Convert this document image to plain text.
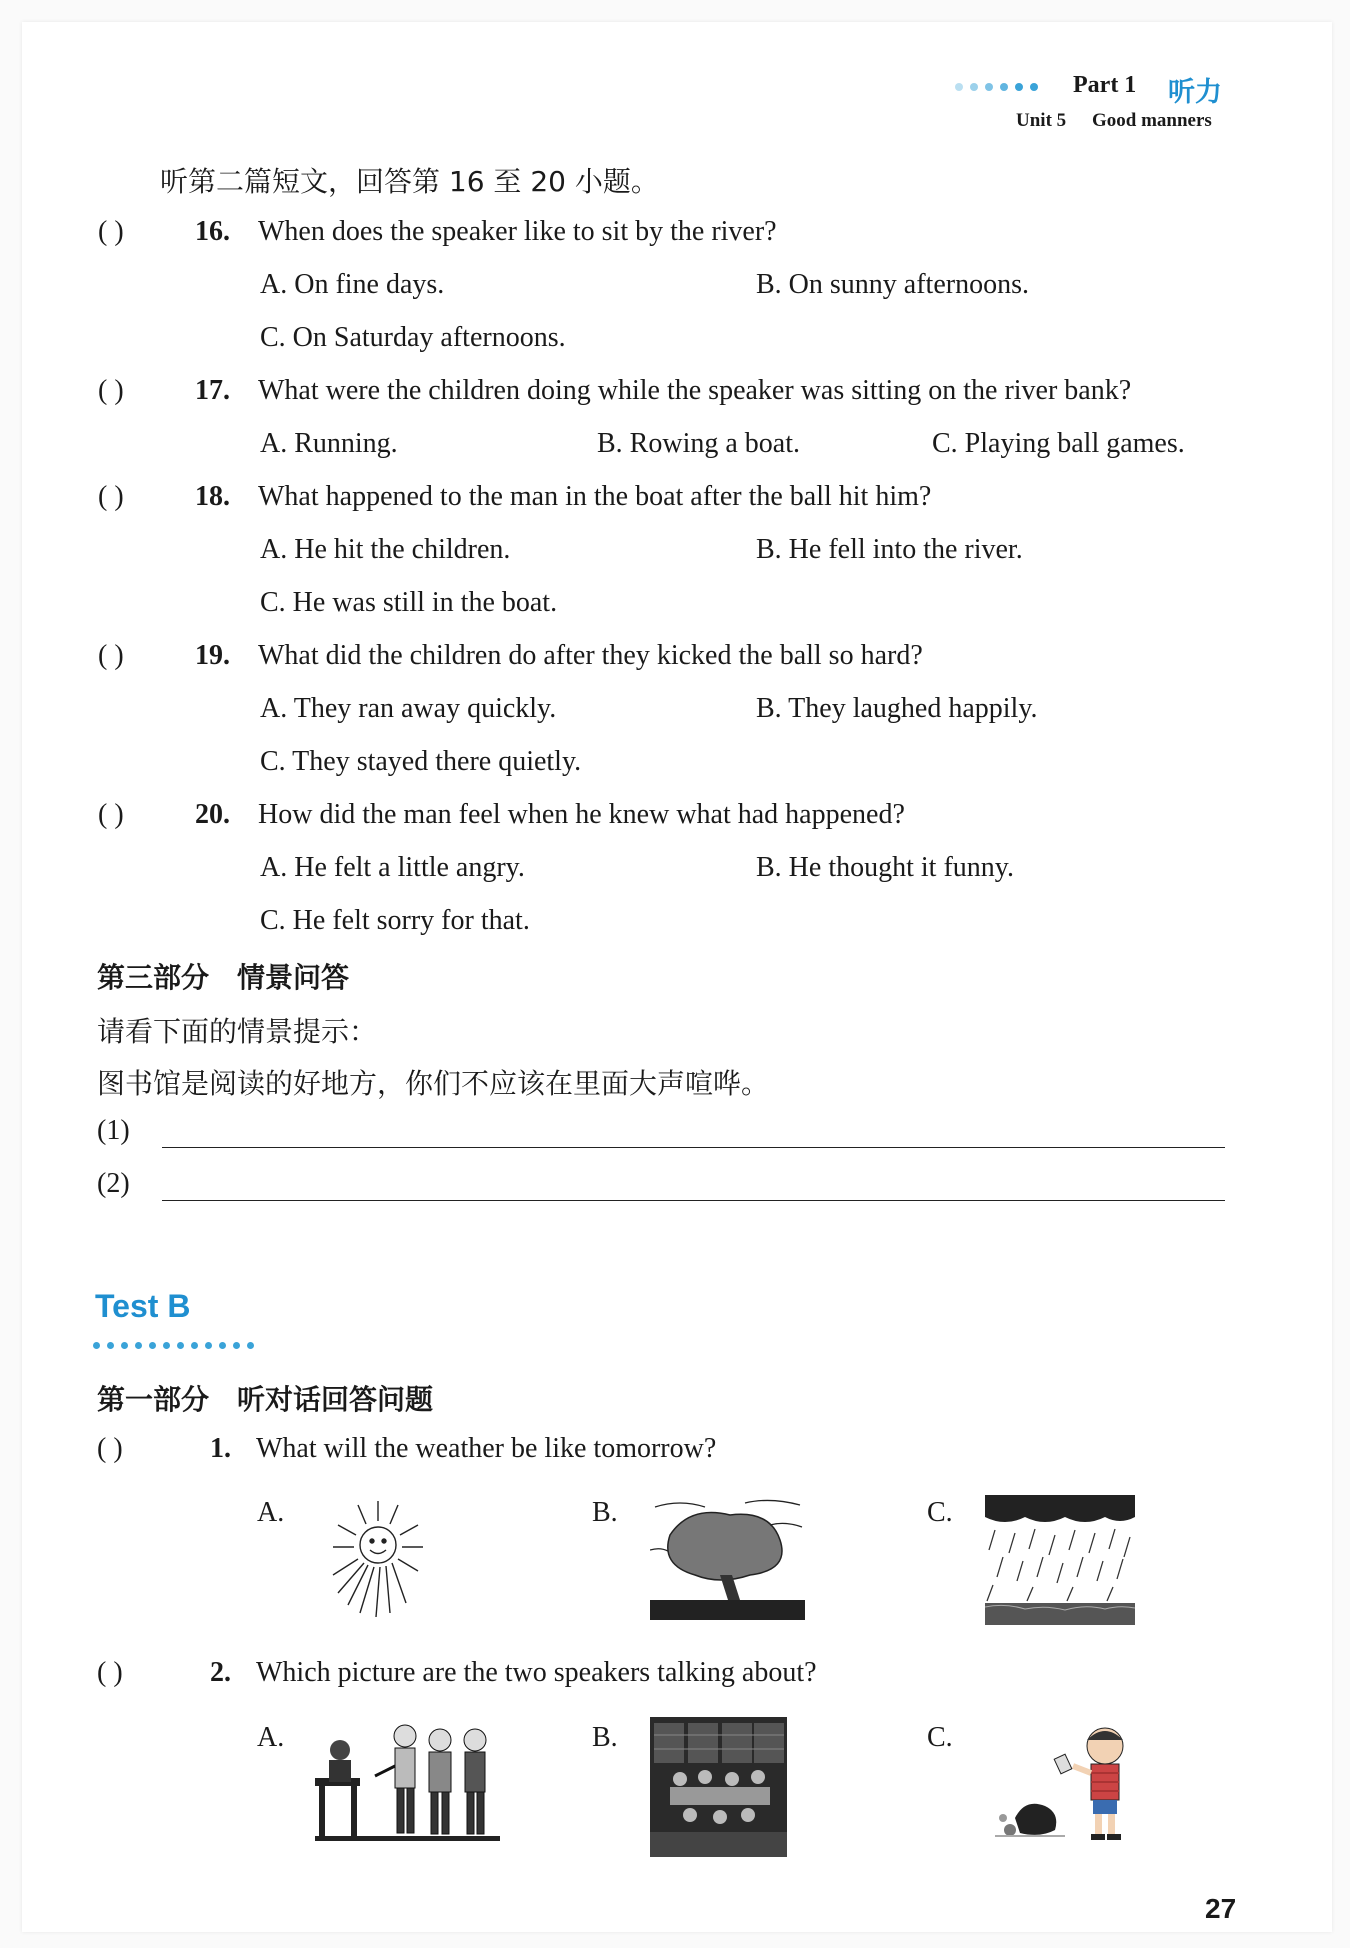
Part 1 听力
Unit 5 Good manners
听第二篇短文，回答第 16 至 20 小题。
( )	16. When does the speaker like to sit by the river?
A. On fine days.	B. On sunny afternoons.
C. On Saturday afternoons.
( )	17. What were the children doing while the speaker was sitting on the river bank?
A. Running.	B. Rowing a boat.	C. Playing ball games.
( )	18. What happened to the man in the boat after the ball hit him?
A. He hit the children.	B. He fell into the river.
C. He was still in the boat.
( )	19. What did the children do after they kicked the ball so hard?
A. They ran away quickly.	B. They laughed happily.
C. They stayed there quietly.
( )	20. How did the man feel when he knew what had happened?
A. He felt a little angry.	B. He thought it funny.
C. He felt sorry for that.
第三部分　情景问答
请看下面的情景提示：
图书馆是阅读的好地方，你们不应该在里面大声喧哗。
(1)
(2)
Test B
第一部分　听对话回答问题
( )	1. What will the weather be like tomorrow?
A.	B.	C.
( )	2. Which picture are the two speakers talking about?
A.	B.	C.
27
